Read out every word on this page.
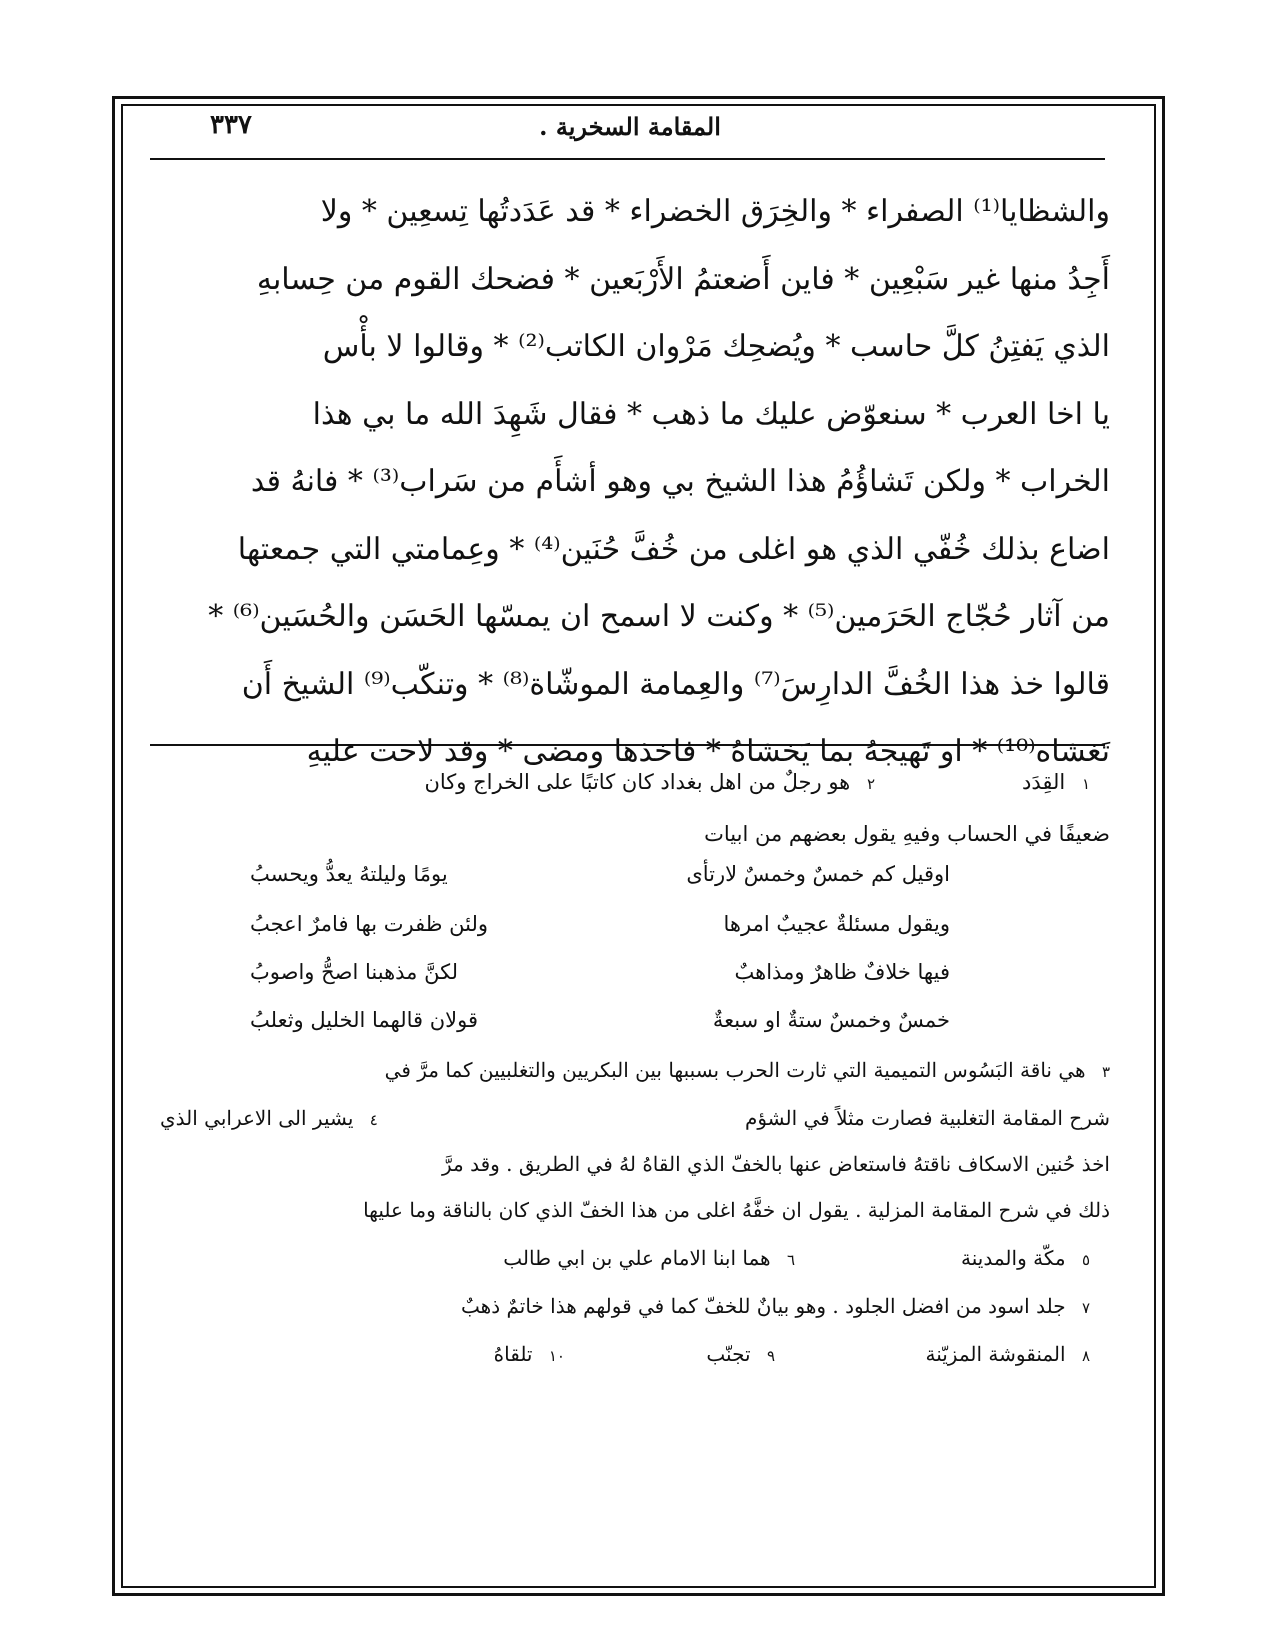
المقامة السخرية .
٣٣٧
والشظايا⁽¹⁾ الصفراء * والخِرَق الخضراء * قد عَدَدتُها تِسعِين * ولا
أَجِدُ منها غير سَبْعِين * فاين أَضعتمُ الأَرْبَعين * فضحك القوم من حِسابهِ
الذي يَفتِنُ كلَّ حاسب * ويُضحِك مَرْوان الكاتب⁽²⁾ * وقالوا لا بأْس
يا اخا العرب * سنعوّض عليك ما ذهب * فقال شَهِدَ الله ما بي هذا
الخراب * ولكن تَشاؤُمُ هذا الشيخ بي وهو أشأَم من سَراب⁽³⁾ * فانهُ قد
اضاع بذلك خُفّي الذي هو اغلى من خُفَّ حُنَين⁽⁴⁾ * وعِمامتي التي جمعتها
من آثار حُجّاج الحَرَمين⁽⁵⁾ * وكنت لا اسمح ان يمسّها الحَسَن والحُسَين⁽⁶⁾ *
قالوا خذ هذا الخُفَّ الدارِسَ⁽⁷⁾ والعِمامة الموشّاة⁽⁸⁾ * وتنكّب⁽⁹⁾ الشيخ أَن
تَغشاه⁽¹⁰⁾ * او تَهيجهُ بما يَخشاهُ * فاخذها ومضى * وقد لاحت عليهِ
١ القِدَد
٢ هو رجلٌ من اهل بغداد كان كاتبًا على الخراج وكان
ضعيفًا في الحساب وفيهِ يقول بعضهم من ابيات
اوقيل كم خمسٌ وخمسٌ لارتأى
يومًا وليلتهُ يعدُّ ويحسبُ
ويقول مسئلةٌ عجيبٌ امرها
ولئن ظفرت بها فامرٌ اعجبُ
فيها خلافٌ ظاهرٌ ومذاهبٌ
لكنَّ مذهبنا اصحُّ واصوبُ
خمسٌ وخمسٌ ستةٌ او سبعةٌ
قولان قالهما الخليل وثعلبُ
٣ هي ناقة البَسُوس التميمية التي ثارت الحرب بسببها بين البكريين والتغلبيين كما مرَّ في
شرح المقامة التغلبية فصارت مثلاً في الشؤم
٤ يشير الى الاعرابي الذي
اخذ حُنين الاسكاف ناقتهُ فاستعاض عنها بالخفّ الذي القاهُ لهُ في الطريق . وقد مرَّ
ذلك في شرح المقامة المزلية . يقول ان خفَّهُ اغلى من هذا الخفّ الذي كان بالناقة وما عليها
٥ مكّة والمدينة
٦ هما ابنا الامام علي بن ابي طالب
٧ جلد اسود من افضل الجلود . وهو بيانٌ للخفّ كما في قولهم هذا خاتمٌ ذهبٌ
٨ المنقوشة المزيّنة
٩ تجنّب
١٠ تلقاهُ
